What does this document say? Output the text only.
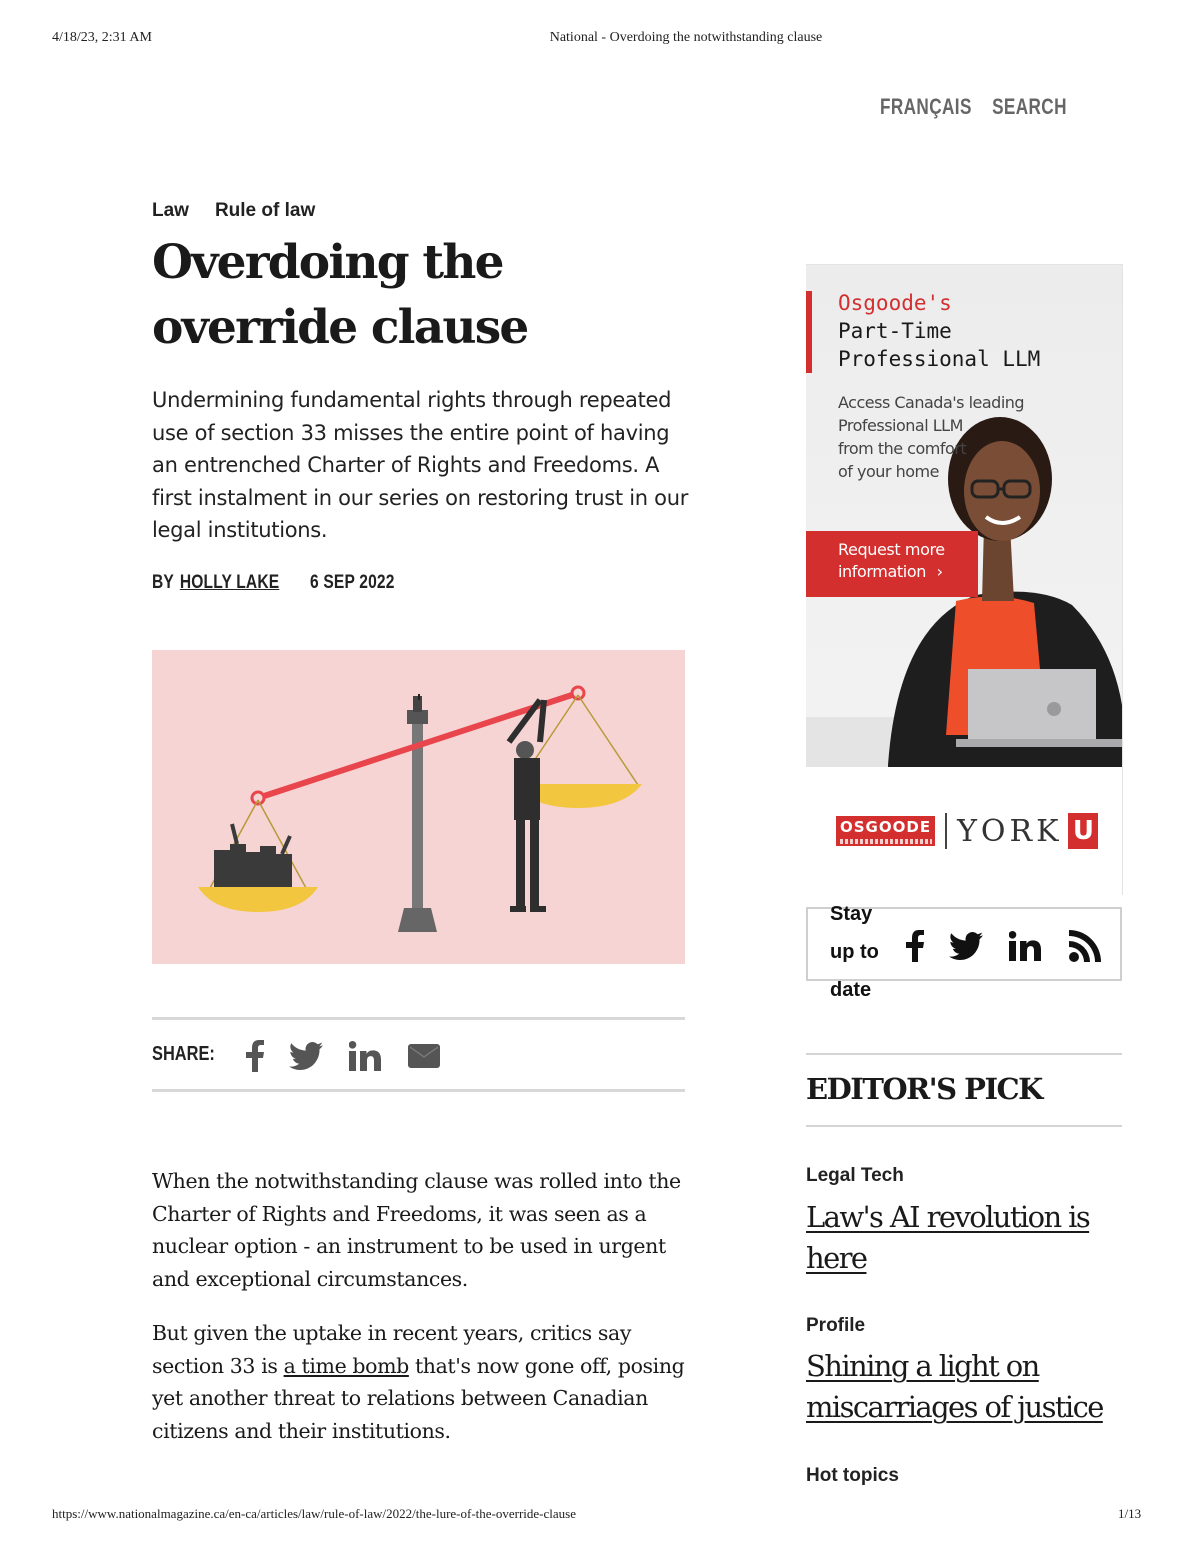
4/18/23, 2:31 AM	National - Overdoing the notwithstanding clause
FRANÇAIS SEARCH
Law Rule of law
Overdoing the
override clause

Undermining fundamental rights through repeated use of section 33 misses the entire point of having an entrenched Charter of Rights and Freedoms. A first instalment in our series on restoring trust in our legal institutions.

BY HOLLY LAKE 6 SEP 2022
SHARE:

When the notwithstanding clause was rolled into the Charter of Rights and Freedoms, it was seen as a nuclear option - an instrument to be used in urgent and exceptional circumstances.

But given the uptake in recent years, critics say section 33 is a time bomb that's now gone off, posing yet another threat to relations between Canadian citizens and their institutions.

Osgoode's
Part-Time
Professional LLM
Access Canada's leading
Professional LLM
from the comfort
of your home
Request more
information ›
OSGOODE YORK U
Stay up to date
EDITOR'S PICK
Legal Tech

Law's AI revolution is here

Profile

Shining a light on miscarriages of justice

Hot topics
https://www.nationalmagazine.ca/en-ca/articles/law/rule-of-law/2022/the-lure-of-the-override-clause	1/13
